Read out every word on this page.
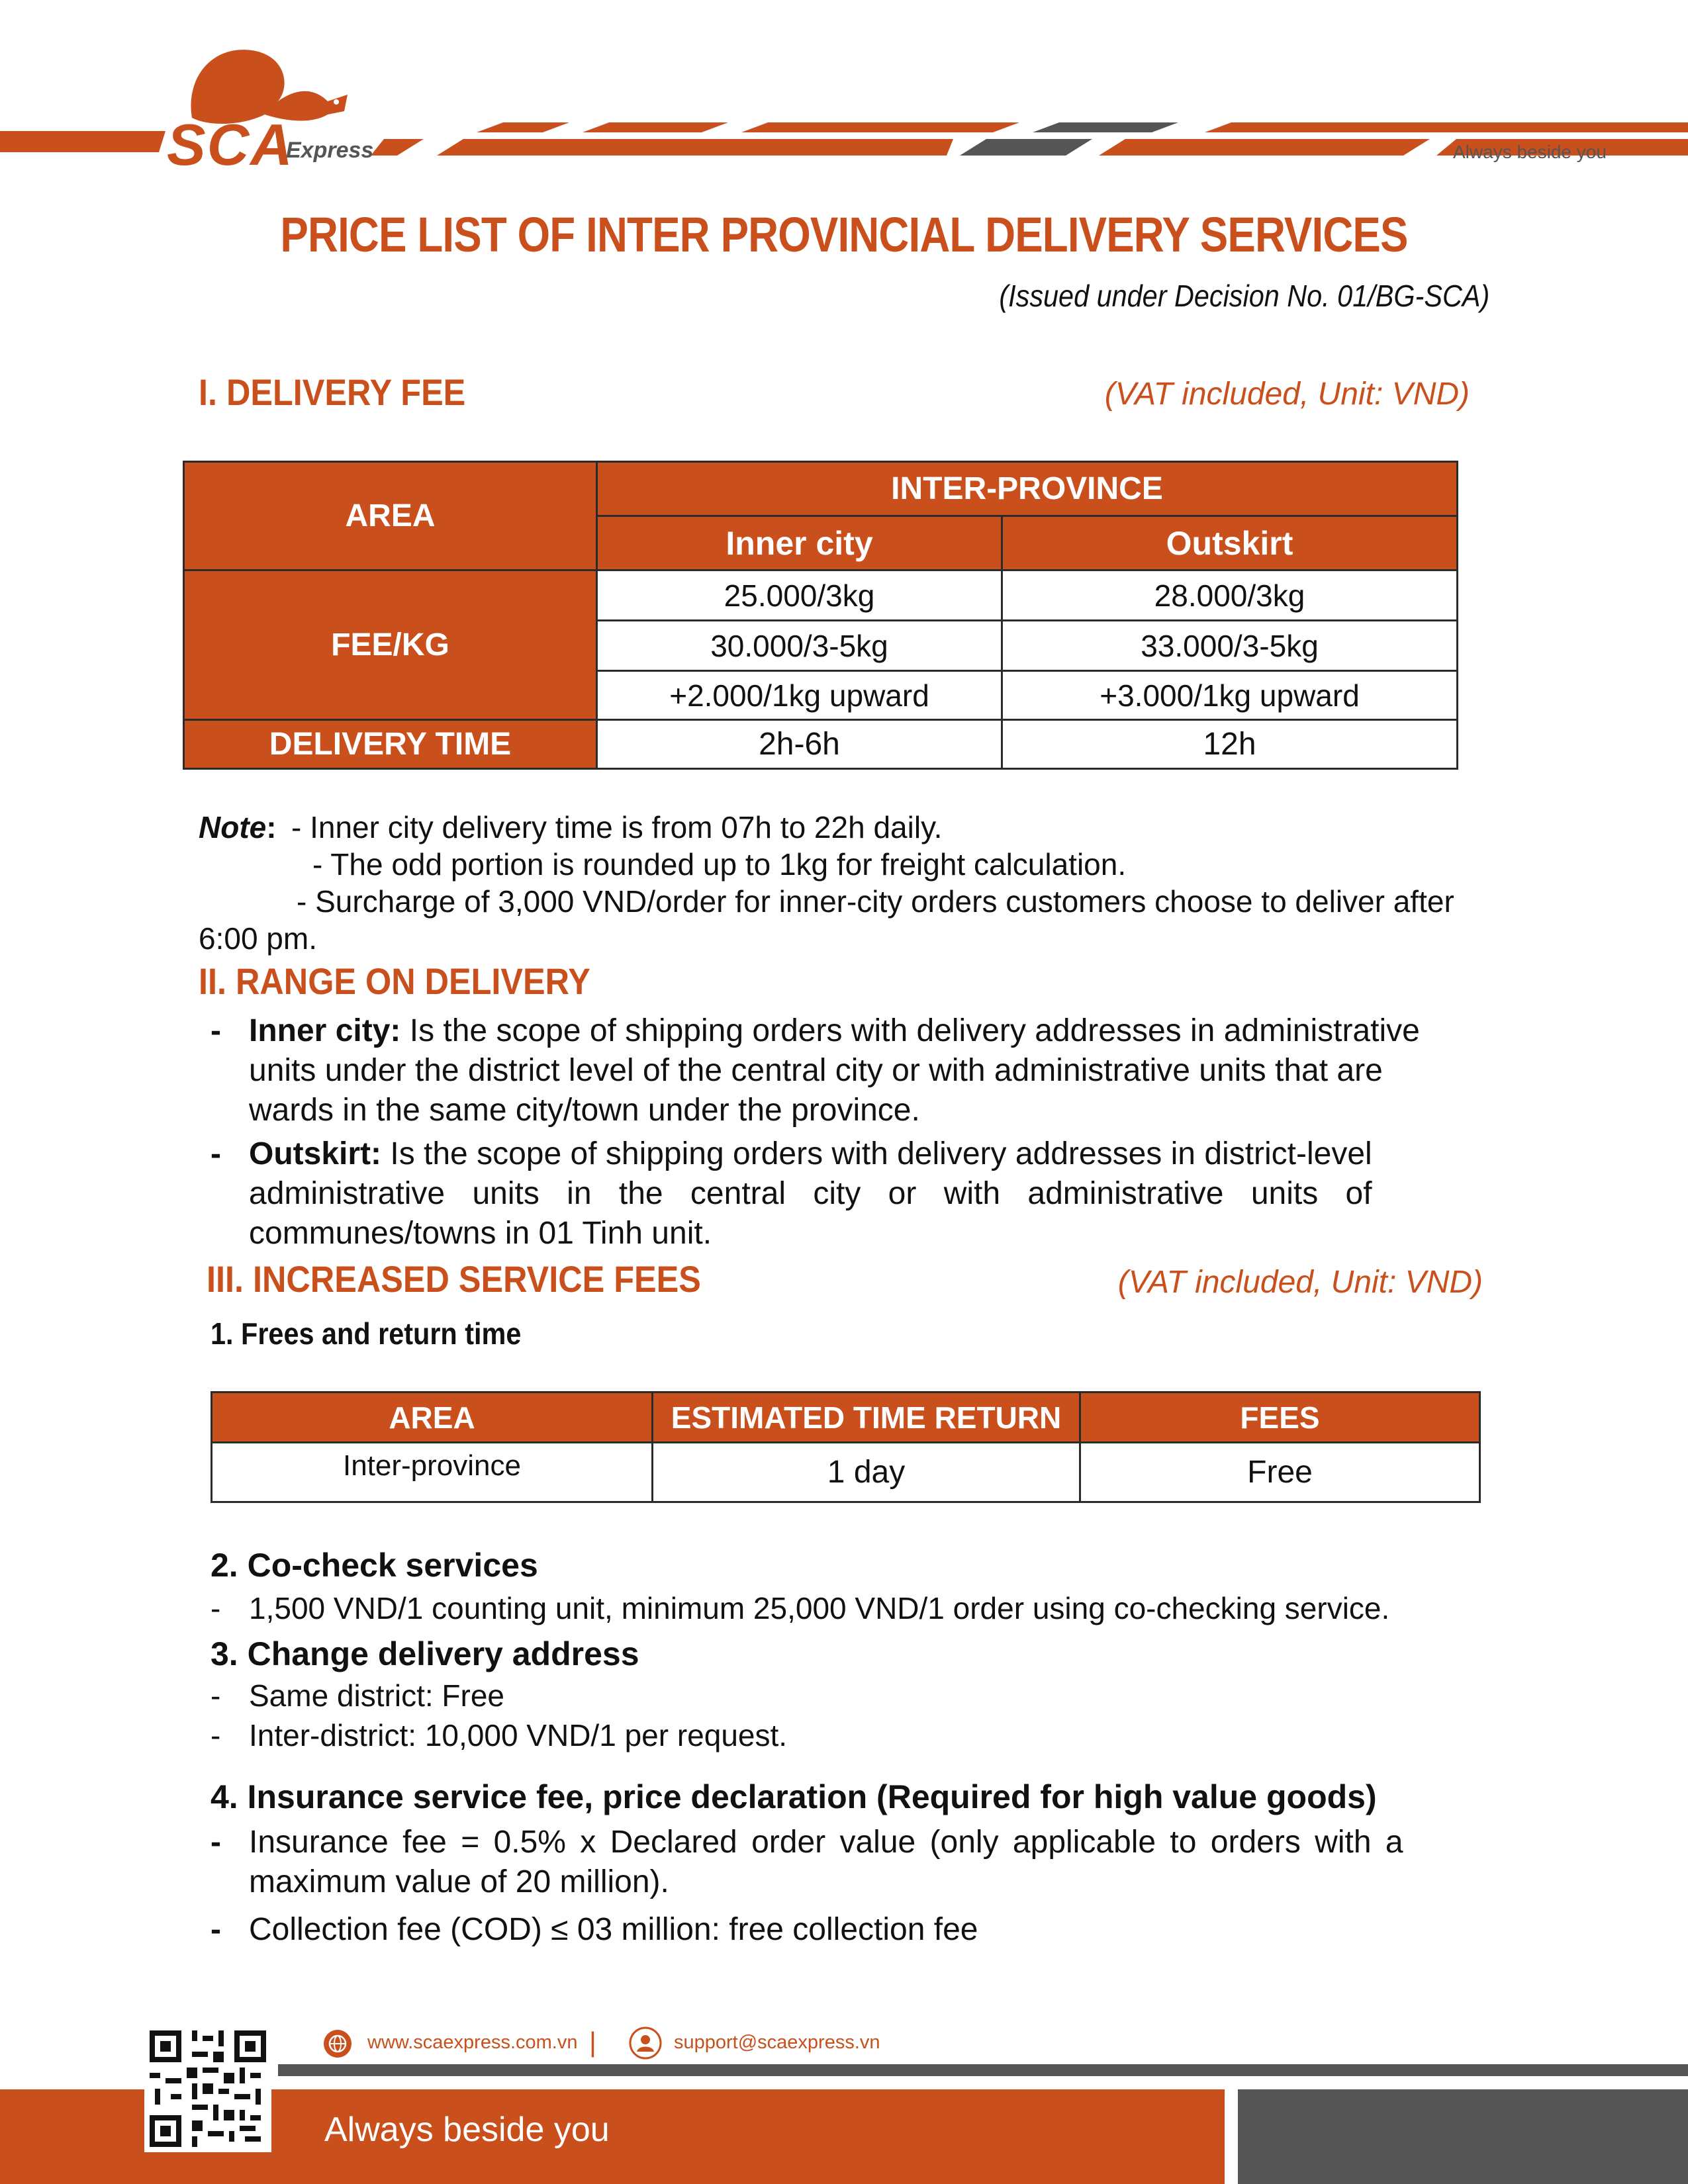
SCA
Express	Always beside you
PRICE LIST OF INTER PROVINCIAL DELIVERY SERVICES
(Issued under Decision No. 01/BG-SCA)
I. DELIVERY FEE	(VAT included, Unit: VND)
AREA	INTER-PROVINCE	
	Inner city	Outskirt
FEE/KG	25.000/3kg	28.000/3kg
	30.000/3-5kg	33.000/3-5kg
	+2.000/1kg upward	+3.000/1kg upward
DELIVERY TIME	2h-6h	12h
Note: - Inner city delivery time is from 07h to 22h daily.
- The odd portion is rounded up to 1kg for freight calculation.
- Surcharge of 3,000 VND/order for inner-city orders customers choose to deliver after
6:00 pm.
II. RANGE ON DELIVERY
- Inner city: Is the scope of shipping orders with delivery addresses in administrative
units under the district level of the central city or with administrative units that are
wards in the same city/town under the province.
- Outskirt: Is the scope of shipping orders with delivery addresses in district-level
administrative units in the central city or with administrative units of
communes/towns in 01 Tinh unit.
III. INCREASED SERVICE FEES	(VAT included, Unit: VND)
1. Frees and return time
AREA	ESTIMATED TIME RETURN	FEES
Inter-province	1 day	Free
2. Co-check services
- 1,500 VND/1 counting unit, minimum 25,000 VND/1 order using co-checking service.
3. Change delivery address
- Same district: Free
- Inter-district: 10,000 VND/1 per request.
4. Insurance service fee, price declaration (Required for high value goods)
- Insurance fee = 0.5% x Declared order value (only applicable to orders with a
maximum value of 20 million).
- Collection fee (COD) ≤ 03 million: free collection fee
www.scaexpress.com.vn |	support@scaexpress.vn
Always beside you
